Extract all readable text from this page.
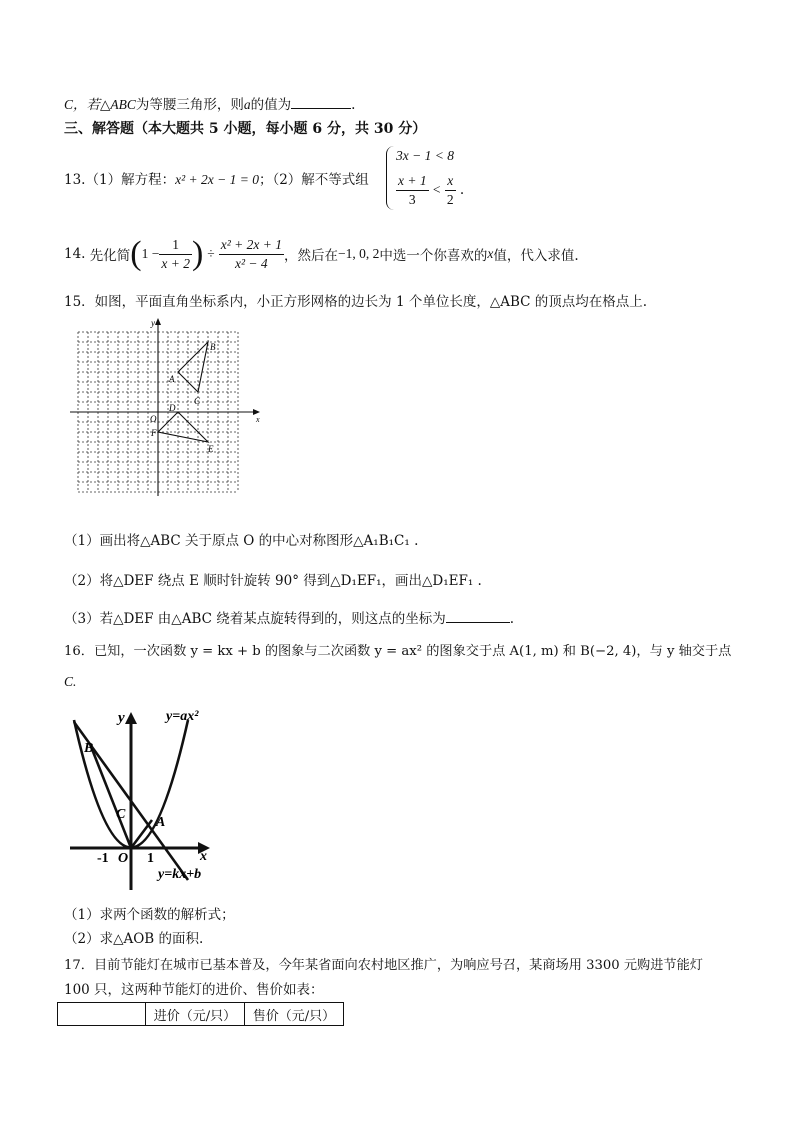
C，若△ABC为等腰三角形，则a的值为	.
三、解答题（本大题共 5 小题，每小题 6 分，共 30 分）
13.（1）解方程：x² + 2x − 1 = 0；（2）解不等式组
3x − 1 < 8
$\frac{x + 1}{3} < \frac{x}{2}$ .
14.
先化简 ( $1 - \frac{1}{x + 2}$ ) ÷ $\frac{\text{x² + 2x + 1}}{\text{x² − 4}}$ ，然后在 −1, 0, 2 中选一个你喜欢的 x 值，代入求值.
15．如图，平面直角坐标系内，小正方形网格的边长为 1 个单位长度，△ABC 的顶点均在格点上.
y
x
O
A
B
C
D
E
F
（1）画出将△ABC 关于原点 O 的中心对称图形△A₁B₁C₁ .
（2）将△DEF 绕点 E 顺时针旋转 90° 得到△D₁EF₁，画出△D₁EF₁ .
（3）若△DEF 由△ABC 绕着某点旋转得到的，则这点的坐标为	.
16．已知，一次函数 y = kx + b 的图象与二次函数 y = ax² 的图象交于点 A(1, m) 和 B(−2, 4)，与 y 轴交于点
C.
y=ax²
y
x
B
C
A
O
-1	1
y=kx+b
（1）求两个函数的解析式；
（2）求△AOB 的面积.
17．目前节能灯在城市已基本普及，今年某省面向农村地区推广，为响应号召，某商场用 3300 元购进节能灯
100 只，这两种节能灯的进价、售价如表：
	进价（元/只）	售价（元/只）
